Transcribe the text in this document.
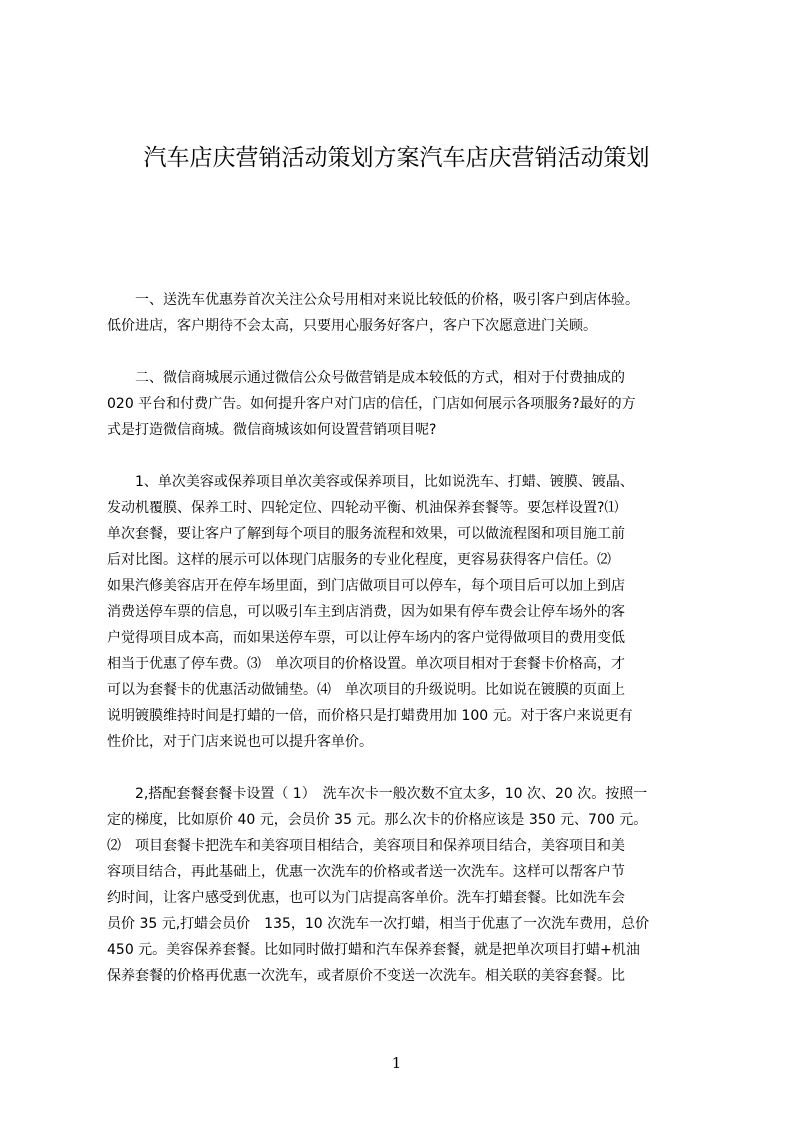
汽车店庆营销活动策划方案汽车店庆营销活动策划
　　一、送洗车优惠券首次关注公众号用相对来说比较低的价格，吸引客户到店体验。
低价进店，客户期待不会太高，只要用心服务好客户，客户下次愿意进门关顾。
　　二、微信商城展示通过微信公众号做营销是成本较低的方式，相对于付费抽成的
020 平台和付费广告。如何提升客户对门店的信任，门店如何展示各项服务?最好的方
式是打造微信商城。微信商城该如何设置营销项目呢?
　　1、单次美容或保养项目单次美容或保养项目，比如说洗车、打蜡、镀膜、镀晶、
发动机覆膜、保养工时、四轮定位、四轮动平衡、机油保养套餐等。要怎样设置?⑴
单次套餐，要让客户了解到每个项目的服务流程和效果，可以做流程图和项目施工前
后对比图。这样的展示可以体现门店服务的专业化程度，更容易获得客户信任。⑵
如果汽修美容店开在停车场里面，到门店做项目可以停车，每个项目后可以加上到店
消费送停车票的信息，可以吸引车主到店消费，因为如果有停车费会让停车场外的客
户觉得项目成本高，而如果送停车票，可以让停车场内的客户觉得做项目的费用变低
相当于优惠了停车费。⑶　单次项目的价格设置。单次项目相对于套餐卡价格高，才
可以为套餐卡的优惠活动做铺垫。⑷　单次项目的升级说明。比如说在镀膜的页面上
说明镀膜维持时间是打蜡的一倍，而价格只是打蜡费用加 100 元。对于客户来说更有
性价比，对于门店来说也可以提升客单价。
　　2,搭配套餐套餐卡设置（ 1）　洗车次卡一般次数不宜太多，10 次、20 次。按照一
定的梯度，比如原价 40 元，会员价 35 元。那么次卡的价格应该是 350 元、700 元。
⑵　项目套餐卡把洗车和美容项目相结合，美容项目和保养项目结合，美容项目和美
容项目结合，再此基础上，优惠一次洗车的价格或者送一次洗车。这样可以帮客户节
约时间，让客户感受到优惠，也可以为门店提高客单价。洗车打蜡套餐。比如洗车会
员价 35 元,打蜡会员价　135，10 次洗车一次打蜡，相当于优惠了一次洗车费用，总价
450 元。美容保养套餐。比如同时做打蜡和汽车保养套餐，就是把单次项目打蜡+机油
保养套餐的价格再优惠一次洗车，或者原价不变送一次洗车。相关联的美容套餐。比
1
